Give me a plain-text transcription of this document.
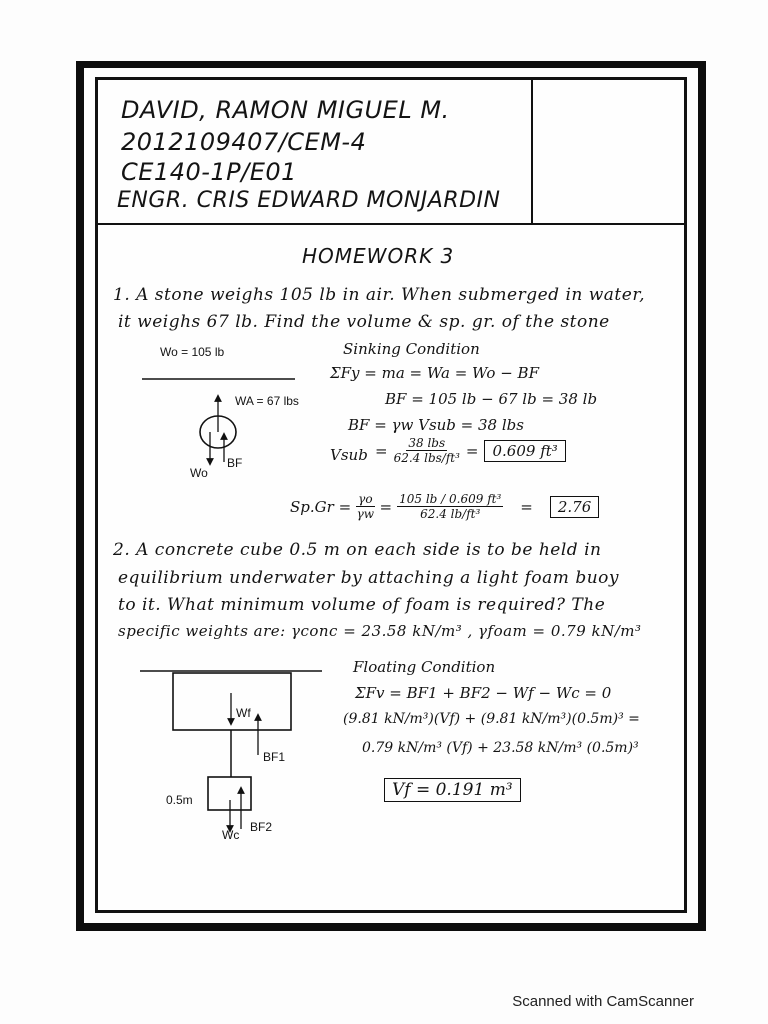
DAVID, RAMON MIGUEL M.
2012109407/CEM-4
CE140-1P/E01
ENGR. CRIS EDWARD MONJARDIN
HOMEWORK 3
1. A stone weighs 105 lb in air. When submerged in water,
it weighs 67 lb. Find the volume & sp. gr. of the stone
Wo = 105 lb
WA = 67 lbs
Wo
BF
Sinking Condition
ΣFy = ma = Wa = Wo − BF
BF = 105 lb − 67 lb = 38 lb
BF = γw Vsub = 38 lbs
Vsub = $\frac{\text{38 lbs}}{\text{62.4 lbs/ft³}} = 0.609$ ft³
$Sp.Gr = \frac{\gamma o}{\gamma w} = \frac{\text{105 lb / 0.609 ft³}}{\text{62.4 lb/ft³}}$ =	2.76
2. A concrete cube 0.5 m on each side is to be held in
equilibrium underwater by attaching a light foam buoy
to it. What minimum volume of foam is required? The
specific weights are: γconc = 23.58 kN/m³ , γfoam = 0.79 kN/m³
Wf
BF1
0.5m
Wc
BF2
Floating Condition
ΣFv = BF1 + BF2 − Wf − Wc = 0
(9.81 kN/m³)(Vf) + (9.81 kN/m³)(0.5m)³ =
0.79 kN/m³ (Vf) + 23.58 kN/m³ (0.5m)³
Vf = 0.191 m³
Scanned with CamScanner
